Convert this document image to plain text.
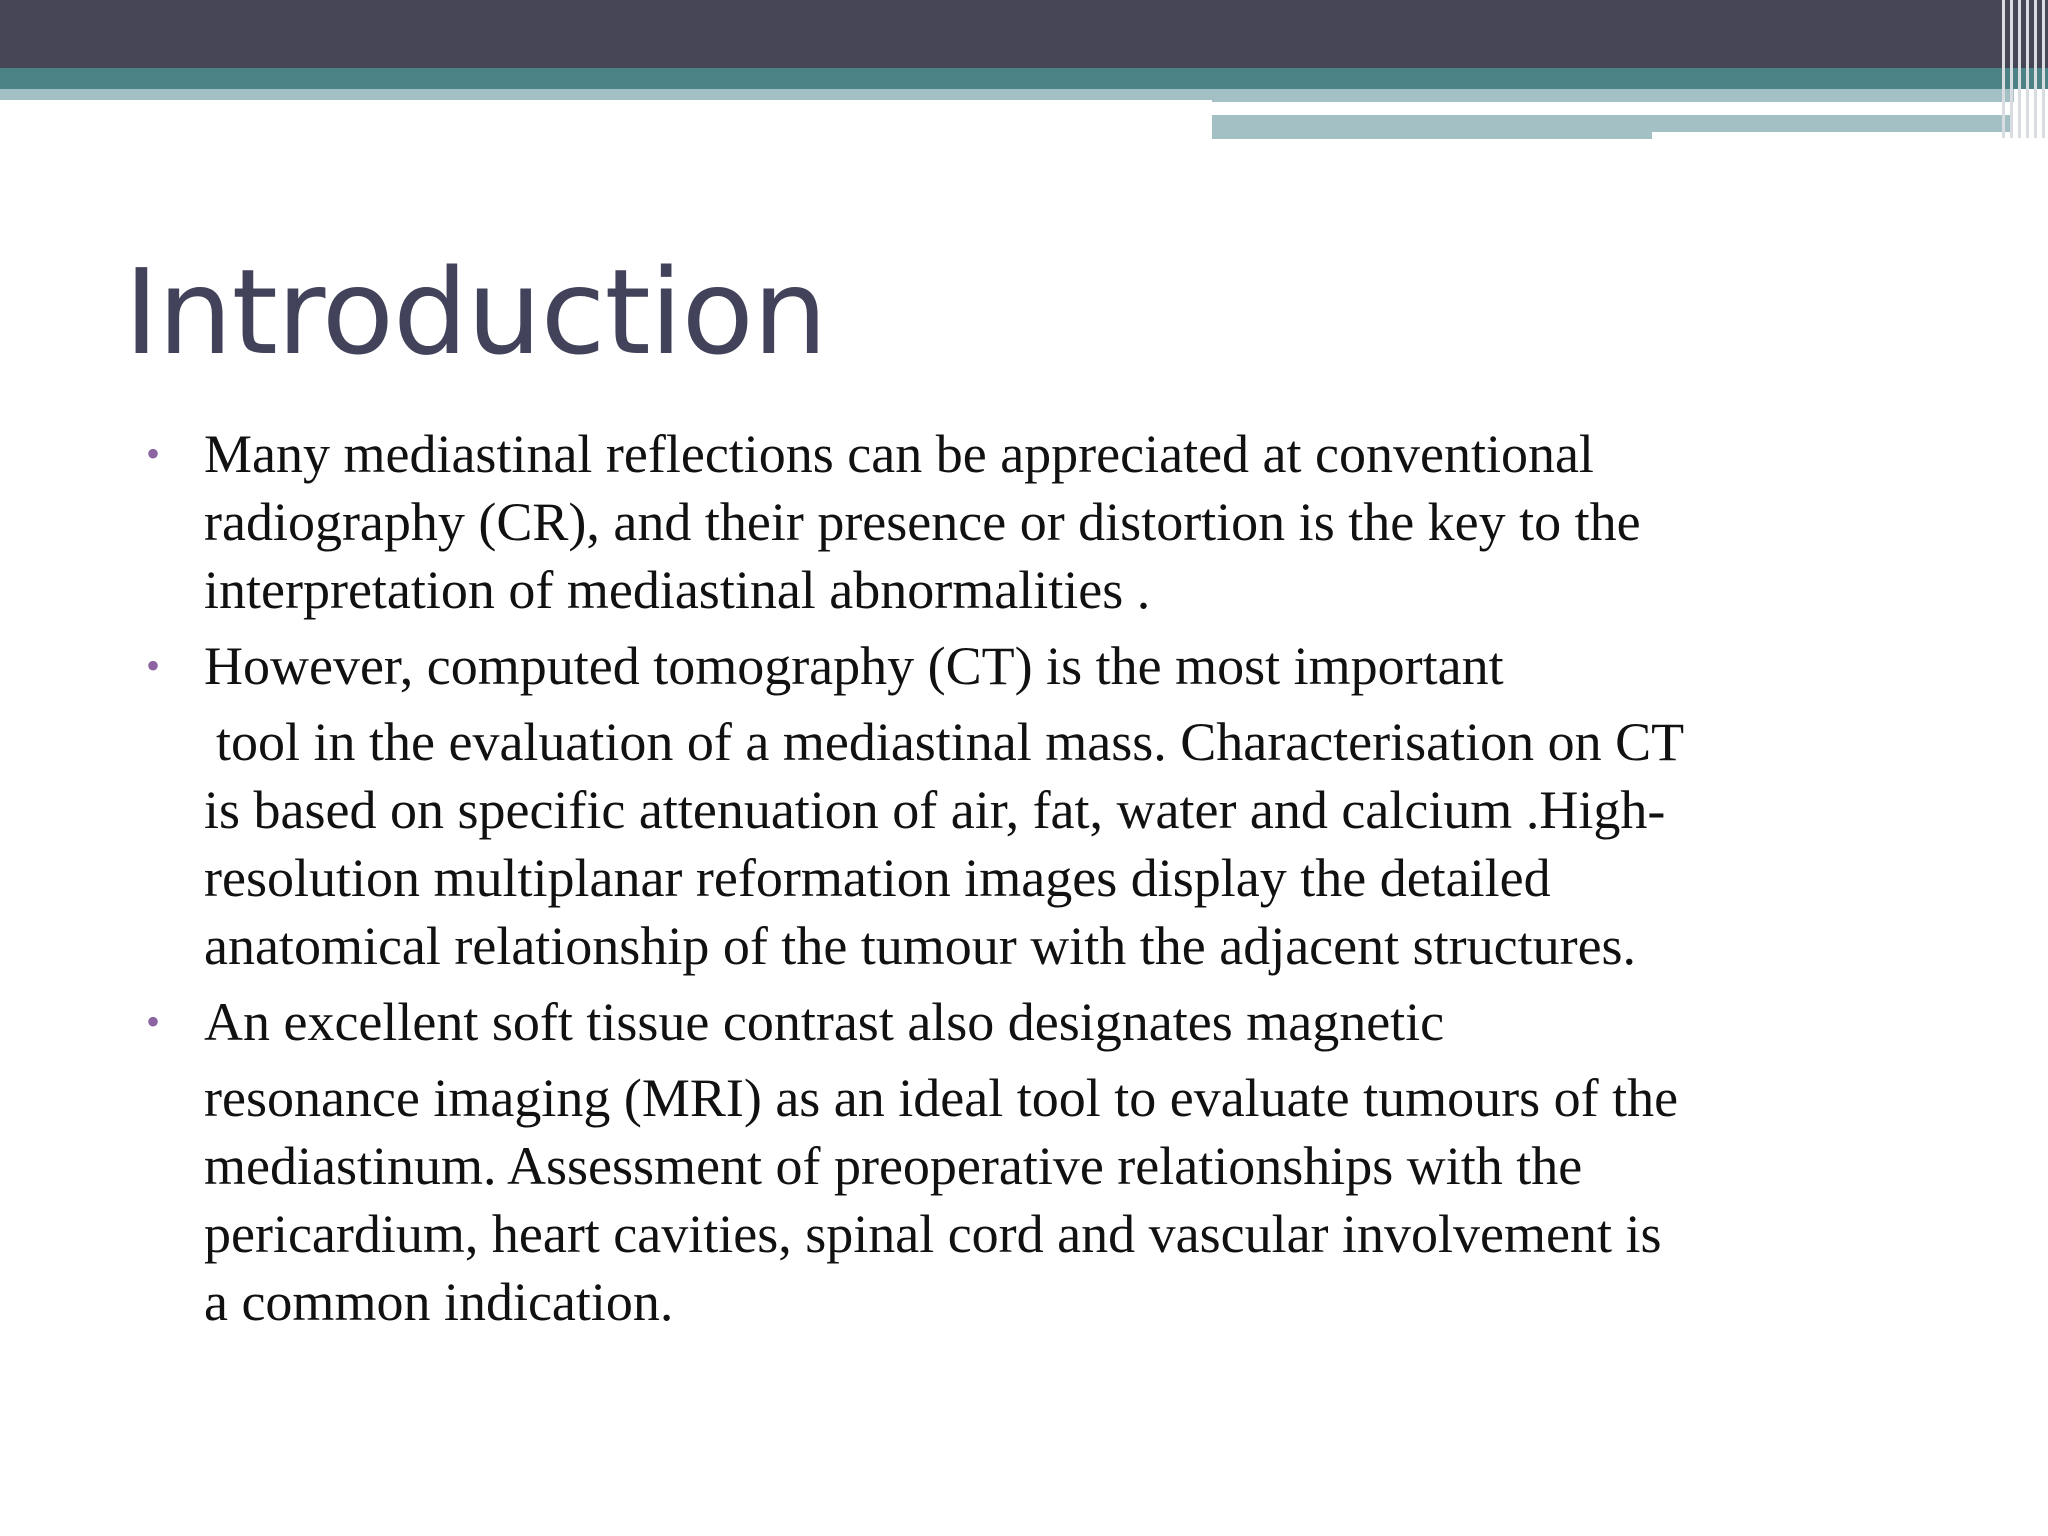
Introduction
• Many mediastinal reflections can be appreciated at conventional
radiography (CR), and their presence or distortion is the key to the
interpretation of mediastinal abnormalities .
• However, computed tomography (CT) is the most important
tool in the evaluation of a mediastinal mass. Characterisation on CT
is based on specific attenuation of air, fat, water and calcium .High-
resolution multiplanar reformation images display the detailed
anatomical relationship of the tumour with the adjacent structures.
• An excellent soft tissue contrast also designates magnetic
resonance imaging (MRI) as an ideal tool to evaluate tumours of the
mediastinum. Assessment of preoperative relationships with the
pericardium, heart cavities, spinal cord and vascular involvement is
a common indication.
